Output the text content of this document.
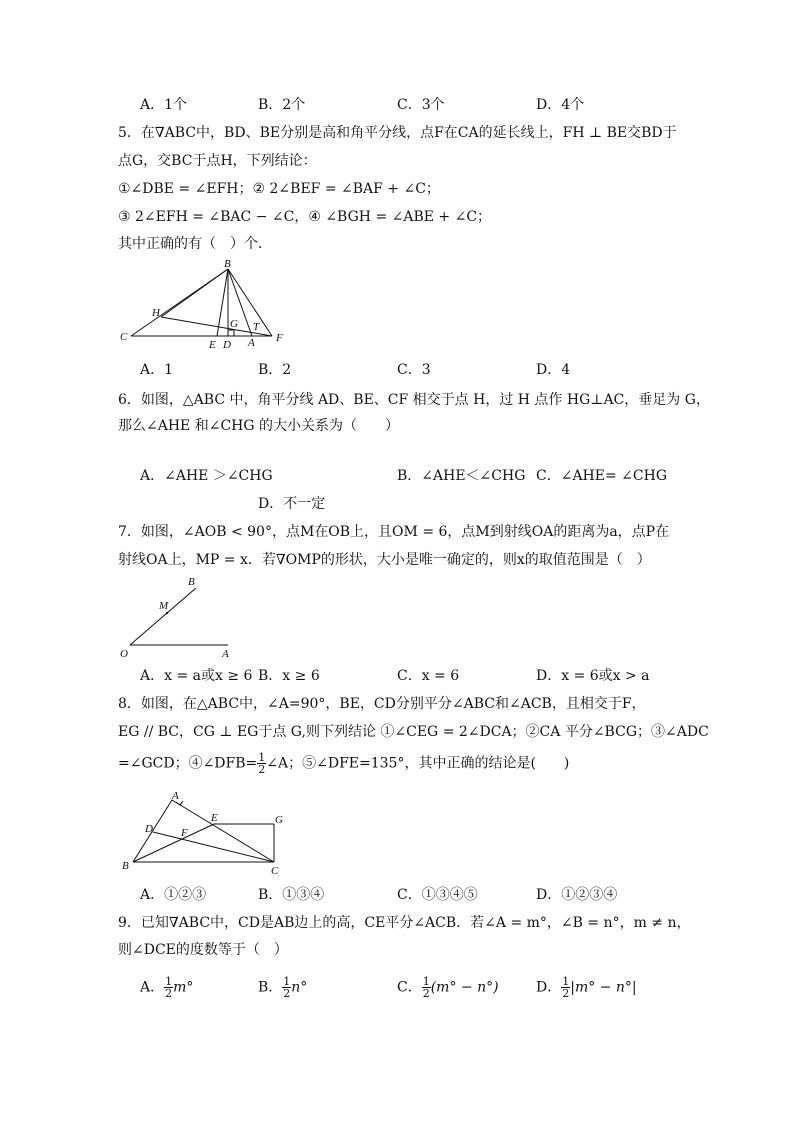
A．1个	B．2个	C．3个	D．4个
5．在∇ABC中，BD、BE分别是高和角平分线，点F在CA的延长线上，FH ⊥ BE交BD于
点G，交BC于点H，下列结论：
①∠DBE = ∠EFH；② 2∠BEF = ∠BAF + ∠C；
③ 2∠EFH = ∠BAC − ∠C，④ ∠BGH = ∠ABE + ∠C；
其中正确的有（　）个．
B
H
G T
C
E D A F
A．1	B．2	C．3	D．4
6．如图，△ABC 中，角平分线 AD、BE、CF 相交于点 H，过 H 点作 HG⊥AC，垂足为 G，
那么∠AHE 和∠CHG 的大小关系为（　　）
A．∠AHE ＞∠CHG	B．∠AHE＜∠CHG C．∠AHE= ∠CHG
D．不一定
7．如图，∠AOB < 90°，点M在OB上，且OM = 6，点M到射线OA的距离为a，点P在
射线OA上，MP = x．若∇OMP的形状，大小是唯一确定的，则x的取值范围是（　）
B
M
O	A
A．x = a或x ≥ 6 B．x ≥ 6	C．x = 6	D．x = 6或x > a
8．如图，在△ABC中，∠A=90°，BE，CD分别平分∠ABC和∠ACB，且相交于F，
EG // BC，CG ⊥ EG于点 G,则下列结论 ①∠CEG = 2∠DCA；②CA 平分∠BCG；③∠ADC
=∠GCD；④∠DFB= $\frac{1}{2}$ ∠A；⑤∠DFE=135°，其中正确的结论是(　　)
A
D
E
F
G
B	C
A．①②③	B．①③④	C．①③④⑤	D．①②③④
9．已知∇ABC中，CD是AB边上的高，CE平分∠ACB．若∠A = m°，∠B = n°，m ≠ n，
则∠DCE的度数等于（　）
A． $\frac{1}{2} m^\circ$	B． $\frac{1}{2} n^\circ$	C． $\frac{1}{2} (m^\circ - n^\circ)$	D． $\frac{1}{2} |m^\circ - n^\circ|$
